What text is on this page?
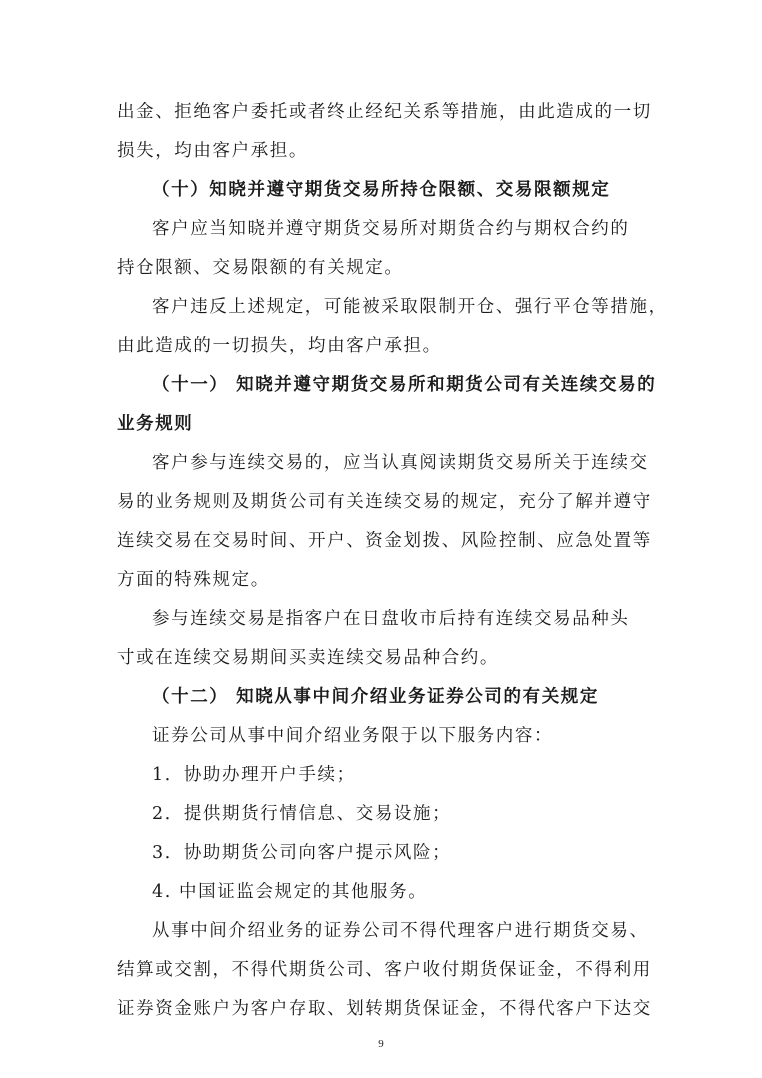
出金、拒绝客户委托或者终止经纪关系等措施，由此造成的一切
损失，均由客户承担。
（十）知晓并遵守期货交易所持仓限额、交易限额规定
客户应当知晓并遵守期货交易所对期货合约与期权合约的
持仓限额、交易限额的有关规定。
客户违反上述规定，可能被采取限制开仓、强行平仓等措施，
由此造成的一切损失，均由客户承担。
（十一） 知晓并遵守期货交易所和期货公司有关连续交易的
业务规则
客户参与连续交易的，应当认真阅读期货交易所关于连续交
易的业务规则及期货公司有关连续交易的规定，充分了解并遵守
连续交易在交易时间、开户、资金划拨、风险控制、应急处置等
方面的特殊规定。
参与连续交易是指客户在日盘收市后持有连续交易品种头
寸或在连续交易期间买卖连续交易品种合约。
（十二） 知晓从事中间介绍业务证券公司的有关规定
证券公司从事中间介绍业务限于以下服务内容：
1．协助办理开户手续；
2．提供期货行情信息、交易设施；
3．协助期货公司向客户提示风险；
4. 中国证监会规定的其他服务。
从事中间介绍业务的证券公司不得代理客户进行期货交易、
结算或交割，不得代期货公司、客户收付期货保证金，不得利用
证券资金账户为客户存取、划转期货保证金，不得代客户下达交
9
